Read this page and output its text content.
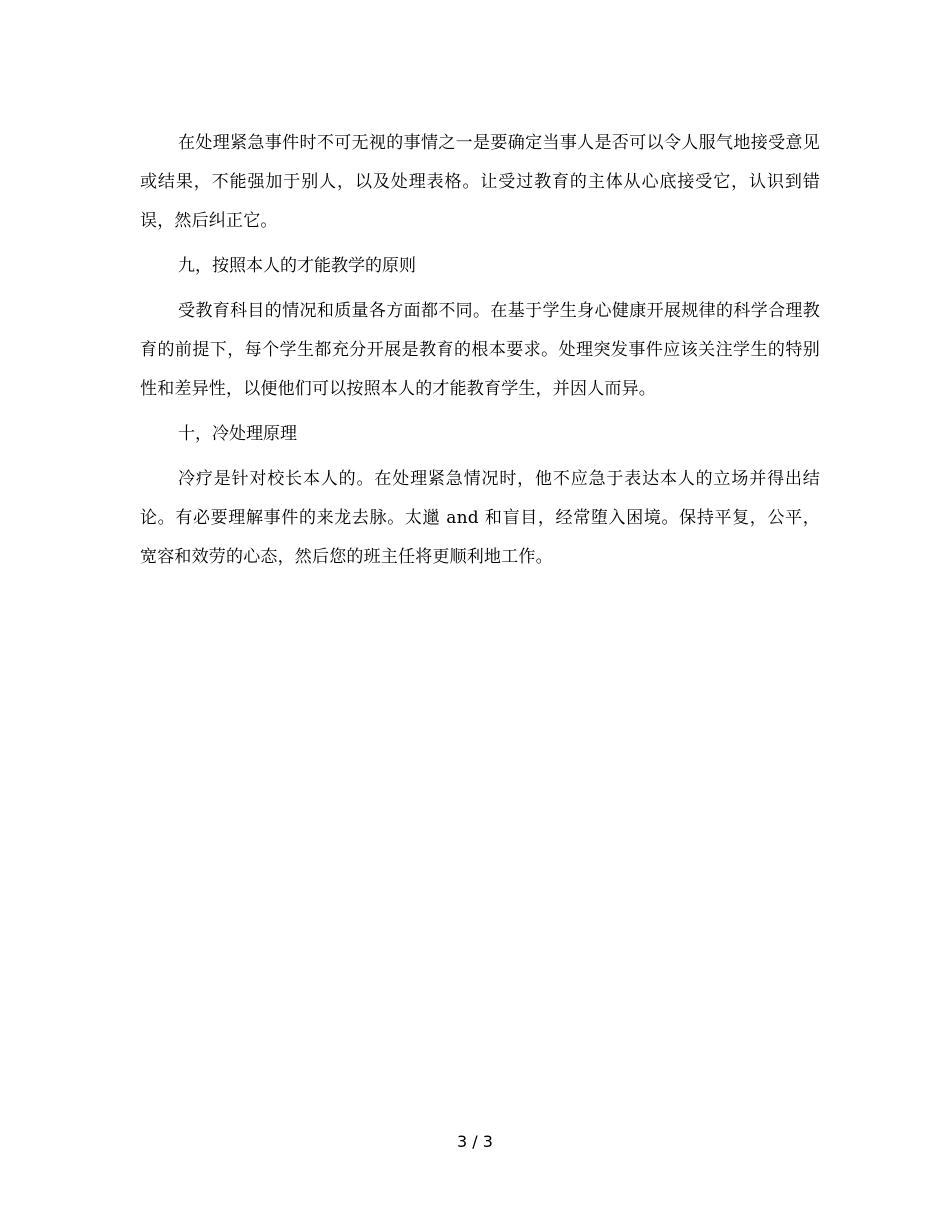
在处理紧急事件时不可无视的事情之一是要确定当事人是否可以令人服气地接受意见或结果，不能强加于别人，以及处理表格。让受过教育的主体从心底接受它，认识到错误，然后纠正它。

九，按照本人的才能教学的原则

受教育科目的情况和质量各方面都不同。在基于学生身心健康开展规律的科学合理教育的前提下，每个学生都充分开展是教育的根本要求。处理突发事件应该关注学生的特别性和差异性，以便他们可以按照本人的才能教育学生，并因人而异。

十，冷处理原理

冷疗是针对校长本人的。在处理紧急情况时，他不应急于表达本人的立场并得出结论。有必要理解事件的来龙去脉。太邋 and 和盲目，经常堕入困境。保持平复，公平，宽容和效劳的心态，然后您的班主任将更顺利地工作。

3 / 3
